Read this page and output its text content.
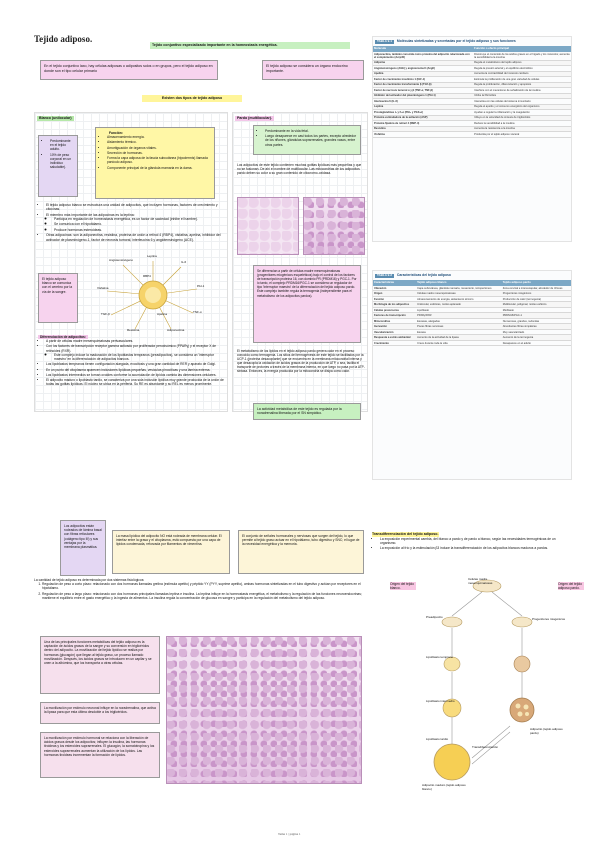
Tejido adiposo.
Tejido conjuntivo especializado importante en la homeostasis energética.
En el tejido conjuntivo laxo, hay células adiposas o adipositos solos o en grupos, pero el tejido adiposo en donde son el tipo celular primario
El tejido adiposo se considera un órgano endocrino importante.
Existen dos tipos de tejido adiposo
Blanco (unilocular)
• Predominante en el tejido adulto.
• 10% de peso corporal en un individuo saludable).
Función:
• Almacenamiento energía.
• Aislamiento térmico.
• Amortiguación de órganos vitales.
• Secreción de hormonas.
• Forma la capa adiposa de la fascia subcutánea (hipodermis) llamada panículo adiposo.
• Componente principal de la glándula mamaria en la dama.
• El tejido adiposo blanco se estructura una unidad de adipocitos, que incluyen hormonas, factores de crecimiento y citocinas.
• El miembro más importante de las adipocinas es la leptina:
◦ Participa en regulación de homeostasis energética, es un factor de saciedad (inhibe el hambre).
◦ Se comunica con el hipotálamo.
◦ Produce hormonas esteroideas.
• Otras adipocinas: son la adiponectina, resistina, proteína de unión a retinol 4 (RBP4), visfatina, apelina, inhibidor del activador de plasminógeno-1, factor de necrosis tumoral, interleucina 6 y angiotensinógeno (ACE).
El tejido adiposo blanco se comunica con el cerebro por la vía de la sangre.
Leptina
IL-6
PAI-1
TNF-α
Adiponectina
Resistina
TGF-β
Visfatina
Angiotensinógeno
RBP4
Apelina
Diferenciación de adipocitos:
• A partir de células madre mesenquimatosas perivasculares.
• Con los factores de transcripción receptor gamma activado por proliferador peroxisómico (PPARγ) y el receptor X de retinoides (RXR).
◦ Este complejo induce la maduración de los lipoblastos tempranos (preadipocitos), se considera un 'interruptor maestro' en la diferenciación de adipocitos blancos.
• Los lipoblastos tempranos tienen configuración alargada, exocitosis y una gran cantidad de RER y aparato de Golgi.
• En un punto del citoplasma aparecen inclusiones lipídicas pequeñas, vesículas pinocíticas y una lámina externa.
• Los lipoblastos intermedios se tornan ovoides conforme la acumulación de lípidos cambia las dimensiones celulares.
• El adipocito maduro o lipoblasto tardío, se caracteriza por una sola inclusión lipídica muy grande producida de la unión de todas las gotitas lipídicas. El núcleo se ubica en la periferia. Su RE es abundante y su REL es menos prominente.
Pardo (multilocular).
• Predominante en la vida fetal.
• Luego desaparece en casi todos los partes, excepto alrededor de los riñones, glándulas suprarrenales, grandes vasos, entre otros partes.
Los adipocitos de este tejido contienen muchas gotitas lipídicas más pequeñas y que no se fusionan. De ahí el nombre de multilocular. Las mitocondrias de los adipocitos pardo deben su color a su gran contenido de citocromo-oxidasa.
Se diferencian a partir de células madre mesenquimatosas (progenitores miogénicos esqueléticos) bajo el control de los factores de transcripción proteína 16, con dominio PR (PRDM16) y PGC-1. Por lo tanto, el complejo PRDM16/PGC-1 se considera un regulador de tipo 'interruptor maestro' de la diferenciación del tejido adiposo pardo. Este complejo también regula la termogenia (independiente para el metabolismo de los adipocitos pardos).
El metabolismo de los lípidos en el tejido adiposo pardo genera calor en el proceso conocido como termogenia. Los sitios del termogénesis de este tejido se facilitados por la UCP-1 (proteína desacoplante) que se encuentra en la membrana mitocondrial interna y que desacopla la oxidación de ácidos grasos de la producción de ATP, o sea, facilita el transporte de protones a través de la membrana interna, en que luego no pasa por la ATP-sintasa. Entonces, la energía producida por la mitocondria se disipa como calor.
La actividad metabólica de este tejido es regulada por la noradrenalina liberada por el SN simpático.
Los adipocitos están rodeados de lámina basal con fibras reticulares (colágeno tipo III) y sus ventajas por la membrana plasmática.
La masa lipídica del adipocito NO está rodeada de membrana celular. El interfaz entre la grasa y el citoplasma, está compuesta por una capa de lípidos condensada, reforzada por filamentos de vimentina.
El conjunto de señales hormonales y nerviosas que surgen del tejido, lo que permite al tejido graso actuar en el hipotálamo, tubo digestivo y SNC; el lugar de la necesidad energética y la memoria.
La cantidad de tejido adiposo es determinada por dos sistemas fisiológicos:
1. Regulación de peso a corto plazo: relacionado con dos hormonas llamadas grelina (estimula apetito) y péptido YY (PYY, suprime apetito), ambas hormonas sintetizadas en el tubo digestivo y actúan por receptores en el hipotálamo.
2. Regulación de peso a largo plazo: relacionado con dos hormonas principales llamadas leptina e insulina. La leptina influye en la homeostasis energética, el metabolismo y la regulación de las funciones neuroendocrinas; mantiene el equilibrio entre el gasto energético y la ingesta de alimentos. La insulina regula la concentración de glucosa en sangre y participa en la regulación del metabolismo del tejido adiposo.
Una de las principales funciones metabólicas del tejido adiposo es la captación de ácidos grasos de la sangre y su conversión en triglicéridos dentro del adipocito. La movilización del tejido lipídico se realiza por hormonas (glucagón) que llegan al tejido graso, un proceso llamado movilización. Después, los ácidos grasos se introducen en un capilar y se unen a la albúmina, que los transporta a otras células.
La movilización por estímulo neuronal influye en la noradrenalina, que activa la lipasa para que esta última desdoble a los triglicéridos.
La movilización por estímulo hormonal se relaciona con la liberación de ácidos grasos desde los adipocitos; influyen la insulina, las hormonas tiroideas y los esteroides suprarrenales. El glucagón, la somatotropina y los esteroides suprarrenales aumentan la utilización de los lípidos. Las hormonas tiroideas incrementan la formación de lípidos.
TABLA 9-1 Moléculas sintetizadas y secretadas por el tejido adiposo y sus funciones
Molécula	Función o efecto principal
Adiponectina, también conocida como proteína del adipocito relacionada con el complemento (Acrp30)	Disminuye el contenido de los ácidos grasos en el hígado y los músculos; aumenta la sensibilidad a la insulina
Adipsina	Regula el metabolismo del tejido adiposo
Angiotensinógeno (AGE) y angiotensina II (AngII)	Regula la presión arterial y el equilibrio electrolítico
Apelina	Aumenta la contractilidad del músculo cardíaco
Factor de crecimiento insulínico 1 (IGF-1)	Estimula la proliferación de una gran variedad de células
Factor de crecimiento transformante β (TGF-β)	Regula la proliferación, diferenciación y apoptosis
Factor de necrosis tumoral α y β (TNF-α, TNF-β)	Interfiere con el mecanismo de señalización de la insulina
Inhibidor del activador del plasminógeno 1 (PAI-1)	Inhibe la fibrinólisis
Interleucina 6 (IL-6)	Interactúa con las células del sistema inmunitario
Leptina	Regula el apetito y el consumo energético del organismo
Prostaglandinas I₂ y F₂α (PGI₂ y PGF₂α)	Ayudan a regular la inflamación y la coagulación
Proteína estimuladora de la acilación (ASP)	Influye en la velocidad de síntesis de triglicéridos
Proteína fijadora de retinol 4 (RBP-4)	Reduce la sensibilidad a la insulina
Resistina	Aumenta la resistencia a la insulina
Visfatina	Producida por el tejido adiposo visceral
TABLA 9-2 Características del tejido adiposo
Características	Tejido adiposo blanco	Tejido adiposo pardo
Ubicación	Capa subcutánea, glándula mamaria, mesenterio, retroperitoneo	Zona cervical e interescapular, alrededor de riñones
Origen	Células madre mesenquimatosas	Progenitores miogénicos
Función	Almacenamiento de energía, aislamiento térmico	Producción de calor (termogenia)
Morfología de los adipocitos	Unilocular, esféricas, núcleo aplanado	Multilocular, poligonal, núcleo esférico
Células precursoras	Lipoblasto	Mioblasto
Factores de transcripción	PPARγ/RXR	PRDM16/PGC-1
Mitocondrias	Escasas, alargadas	Numerosas, grandes, redondas
Inervación	Pocas fibras nerviosas	Abundantes fibras simpáticas
Vascularización	Escasa	Muy vascularizado
Respuesta a estrés ambiental	Aumento de la actividad de la lipasa	Aumento de la termogenia
Crecimiento	Crece durante toda la vida	Desaparece en el adulto
Transdiferenciación del tejido adiposo.
• La exposición experimental cambia, del blanco a pardo y de pardo a blanco, según las necesidades termogénicas de un organismo.
• La exposición al frío y la estimulación β3 induce la transdiferenciación de los adipocitos blancos maduros a pardos.
Origen del tejido blanco.
Origen del tejido adiposo pardo.
Células madre mesenquimatosas
Preadipocito
Lipoblasto temprano
Lipoblasto intermedio
Lipoblasto tardío
Transdiferenciación
Adipocito maduro (tejido adiposo blanco)
Adipocito (tejido adiposo pardo)
Progenitores miogénicos
Tema 1 | página 1
